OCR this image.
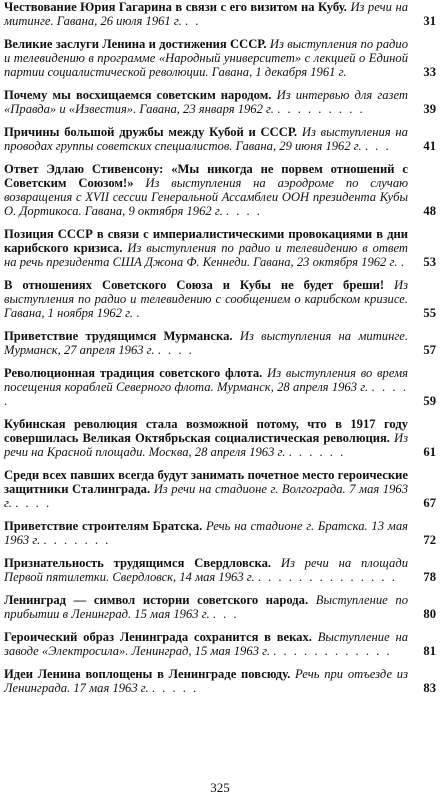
Чествование Юрия Гагарина в связи с его визитом на Кубу. Из речи на митинге. Гавана, 26 июля 1961 г. . .	31
Великие заслуги Ленина и достижения СССР. Из выступления по радио и телевидению в программе «Народный университет» с лекцией о Единой партии социалистической революции. Гавана, 1 декабря 1961 г.	33
Почему мы восхищаемся советским народом. Из интервью для газет «Правда» и «Известия». Гавана, 23 января 1962 г. . . . . . . . . .	39
Причины большой дружбы между Кубой и СССР. Из выступления на проводах группы советских специалистов. Гавана, 29 июня 1962 г. . . .	41
Ответ Эдлаю Стивенсону: «Мы никогда не порвем отношений с Советским Союзом!» Из выступления на аэродроме по случаю возвращения с XVII сессии Генеральной Ассамблеи ООН президента Кубы О. Дортикоса. Гавана, 9 октября 1962 г. . . . .	48
Позиция СССР в связи с империалистическими провокациями в дни карибского кризиса. Из выступления по радио и телевидению в ответ на речь президента США Джона Ф. Кеннеди. Гавана, 23 октября 1962 г. . 53
В отношениях Советского Союза и Кубы не будет бреши! Из выступления по радио и телевидению с сообщением о карибском кризисе. Гавана, 1 ноября 1962 г. .	55
Приветствие трудящимся Мурманска. Из выступления на митинге. Мурманск, 27 апреля 1963 г. . . . .	57
Революционная традиция советского флота. Из выступления во время посещения кораблей Северного флота. Мурманск, 28 апреля 1963 г. . . . . .	59
Кубинская революция стала возможной потому, что в 1917 году совершилась Великая Октябрьская социалистическая революция. Из речи на Красной площади. Москва, 28 апреля 1963 г. . . . . . .	61
Среди всех павших всегда будут занимать почетное место героические защитники Сталинграда. Из речи на стадионе г. Волгограда. 7 мая 1963 г. . . . .	67
Приветствие строителям Братска. Речь на стадионе г. Братска. 13 мая 1963 г. . . . . . . .	72
Признательность трудящимся Свердловска. Из речи на площади Первой пятилетки. Свердловск, 14 мая 1963 г. . . . . . . . . . . . . . . 78
Ленинград — символ истории советского народа. Выступление по прибытии в Ленинград. 15 мая 1963 г. . . .	80
Героический образ Ленинграда сохранится в веках. Выступление на заводе «Электросила». Ленинград, 15 мая 1963 г. . . . . . . . . . . . .	81
Идеи Ленина воплощены в Ленинграде повсюду. Речь при отъезде из Ленинграда. 17 мая 1963 г. . . . . .	83
325
